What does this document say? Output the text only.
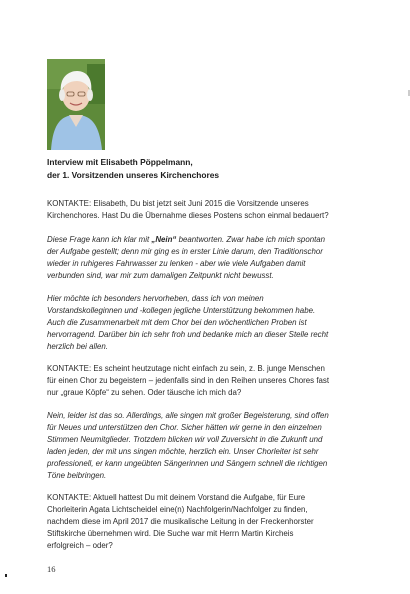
Interview mit Elisabeth Pöppelmann,
der 1. Vorsitzenden unseres Kirchenchores
KONTAKTE: Elisabeth, Du bist jetzt seit Juni 2015 die Vorsitzende unseres
Kirchenchores. Hast Du die Übernahme dieses Postens schon einmal bedauert?
Diese Frage kann ich klar mit „Nein“ beantworten. Zwar habe ich mich spontan
der Aufgabe gestellt; denn mir ging es in erster Linie darum, den Traditionschor
wieder in ruhigeres Fahrwasser zu lenken - aber wie viele Aufgaben damit
verbunden sind, war mir zum damaligen Zeitpunkt nicht bewusst.
Hier möchte ich besonders hervorheben, dass ich von meinen
Vorstandskolleginnen und -kollegen jegliche Unterstützung bekommen habe.
Auch die Zusammenarbeit mit dem Chor bei den wöchentlichen Proben ist
hervorragend. Darüber bin ich sehr froh und bedanke mich an dieser Stelle recht
herzlich bei allen.
KONTAKTE: Es scheint heutzutage nicht einfach zu sein, z. B. junge Menschen
für einen Chor zu begeistern – jedenfalls sind in den Reihen unseres Chores fast
nur „graue Köpfe“ zu sehen. Oder täusche ich mich da?
Nein, leider ist das so. Allerdings, alle singen mit großer Begeisterung, sind offen
für Neues und unterstützen den Chor. Sicher hätten wir gerne in den einzelnen
Stimmen Neumitglieder. Trotzdem blicken wir voll Zuversicht in die Zukunft und
laden jeden, der mit uns singen möchte, herzlich ein. Unser Chorleiter ist sehr
professionell, er kann ungeübten Sängerinnen und Sängern schnell die richtigen
Töne beibringen.
KONTAKTE: Aktuell hattest Du mit deinem Vorstand die Aufgabe, für Eure
Chorleiterin Agata Lichtscheidel eine(n) Nachfolgerin/Nachfolger zu finden,
nachdem diese im April 2017 die musikalische Leitung in der Freckenhorster
Stiftskirche übernehmen wird. Die Suche war mit Herrn Martin Kircheis
erfolgreich – oder?
16
